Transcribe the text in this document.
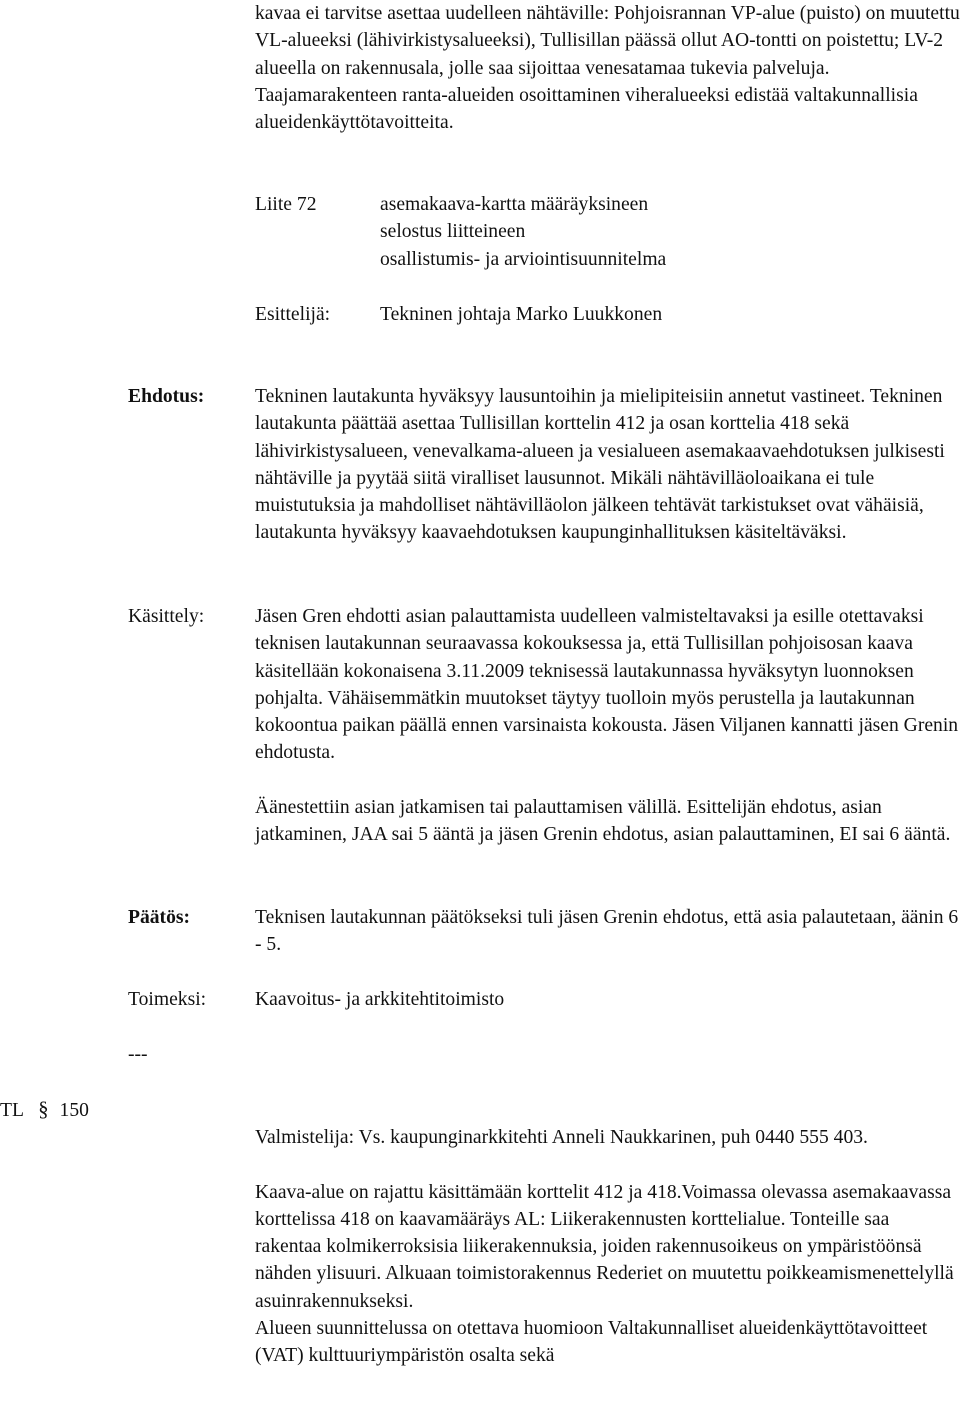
kavaa ei tarvitse asettaa uudelleen nähtäville: Pohjoisrannan VP-alue (puisto) on muutettu VL-alueeksi (lähivirkistysalueeksi), Tullisillan päässä ollut AO-tontti on poistettu; LV-2 alueella on rakennusala, jolle saa sijoittaa venesatamaa tukevia palveluja. Taajamarakenteen ranta-alueiden osoittaminen viheralueeksi edistää valtakunnallisia alueidenkäyttötavoitteita.

Liite 72	asemakaava-kartta määräyksineen
selostus liitteineen
osallistumis- ja arviointisuunnitelma

Esittelijä:	Tekninen johtaja Marko Luukkonen

Ehdotus:	Tekninen lautakunta hyväksyy lausuntoihin ja mielipiteisiin annetut vastineet. Tekninen lautakunta päättää asettaa Tullisillan korttelin 412 ja osan korttelia 418 sekä lähivirkistysalueen, venevalkama-alueen ja vesialueen asemakaavaehdotuksen julkisesti nähtäville ja pyytää siitä viralliset lausunnot. Mikäli nähtävilläoloaikana ei tule muistutuksia ja mahdolliset nähtävilläolon jälkeen tehtävät tarkistukset ovat vähäisiä, lautakunta hyväksyy kaavaehdotuksen kaupunginhallituksen käsiteltäväksi.

Käsittely:	Jäsen Gren ehdotti asian palauttamista uudelleen valmisteltavaksi ja esille otettavaksi teknisen lautakunnan seuraavassa kokouksessa ja, että Tullisillan pohjoisosan kaava käsitellään kokonaisena 3.11.2009 teknisessä lautakunnassa hyväksytyn luonnoksen pohjalta. Vähäisemmätkin muutokset täytyy tuolloin myös perustella ja lautakunnan kokoontua paikan päällä ennen varsinaista kokousta. Jäsen Viljanen kannatti jäsen Grenin ehdotusta.

Äänestettiin asian jatkamisen tai palauttamisen välillä. Esittelijän ehdotus, asian jatkaminen, JAA sai 5 ääntä ja jäsen Grenin ehdotus, asian palauttaminen, EI sai 6 ääntä.

Päätös:	Teknisen lautakunnan päätökseksi tuli jäsen Grenin ehdotus, että asia palautetaan, äänin 6 - 5.

Toimeksi: Kaavoitus- ja arkkitehtitoimisto

---

TL § 150

Valmistelija: Vs. kaupunginarkkitehti Anneli Naukkarinen, puh 0440 555 403.

Kaava-alue on rajattu käsittämään korttelit 412 ja 418.Voimassa olevassa asemakaavassa korttelissa 418 on kaavamääräys AL: Liikerakennusten korttelialue. Tonteille saa rakentaa kolmikerroksisia liikerakennuksia, joiden rakennusoikeus on ympäristöönsä nähden ylisuuri. Alkuaan toimistorakennus Rederiet on muutettu poikkeamismenettelyllä asuinrakennukseksi.

Alueen suunnittelussa on otettava huomioon Valtakunnalliset alueidenkäyttötavoitteet (VAT) kulttuuriympäristön osalta sekä
